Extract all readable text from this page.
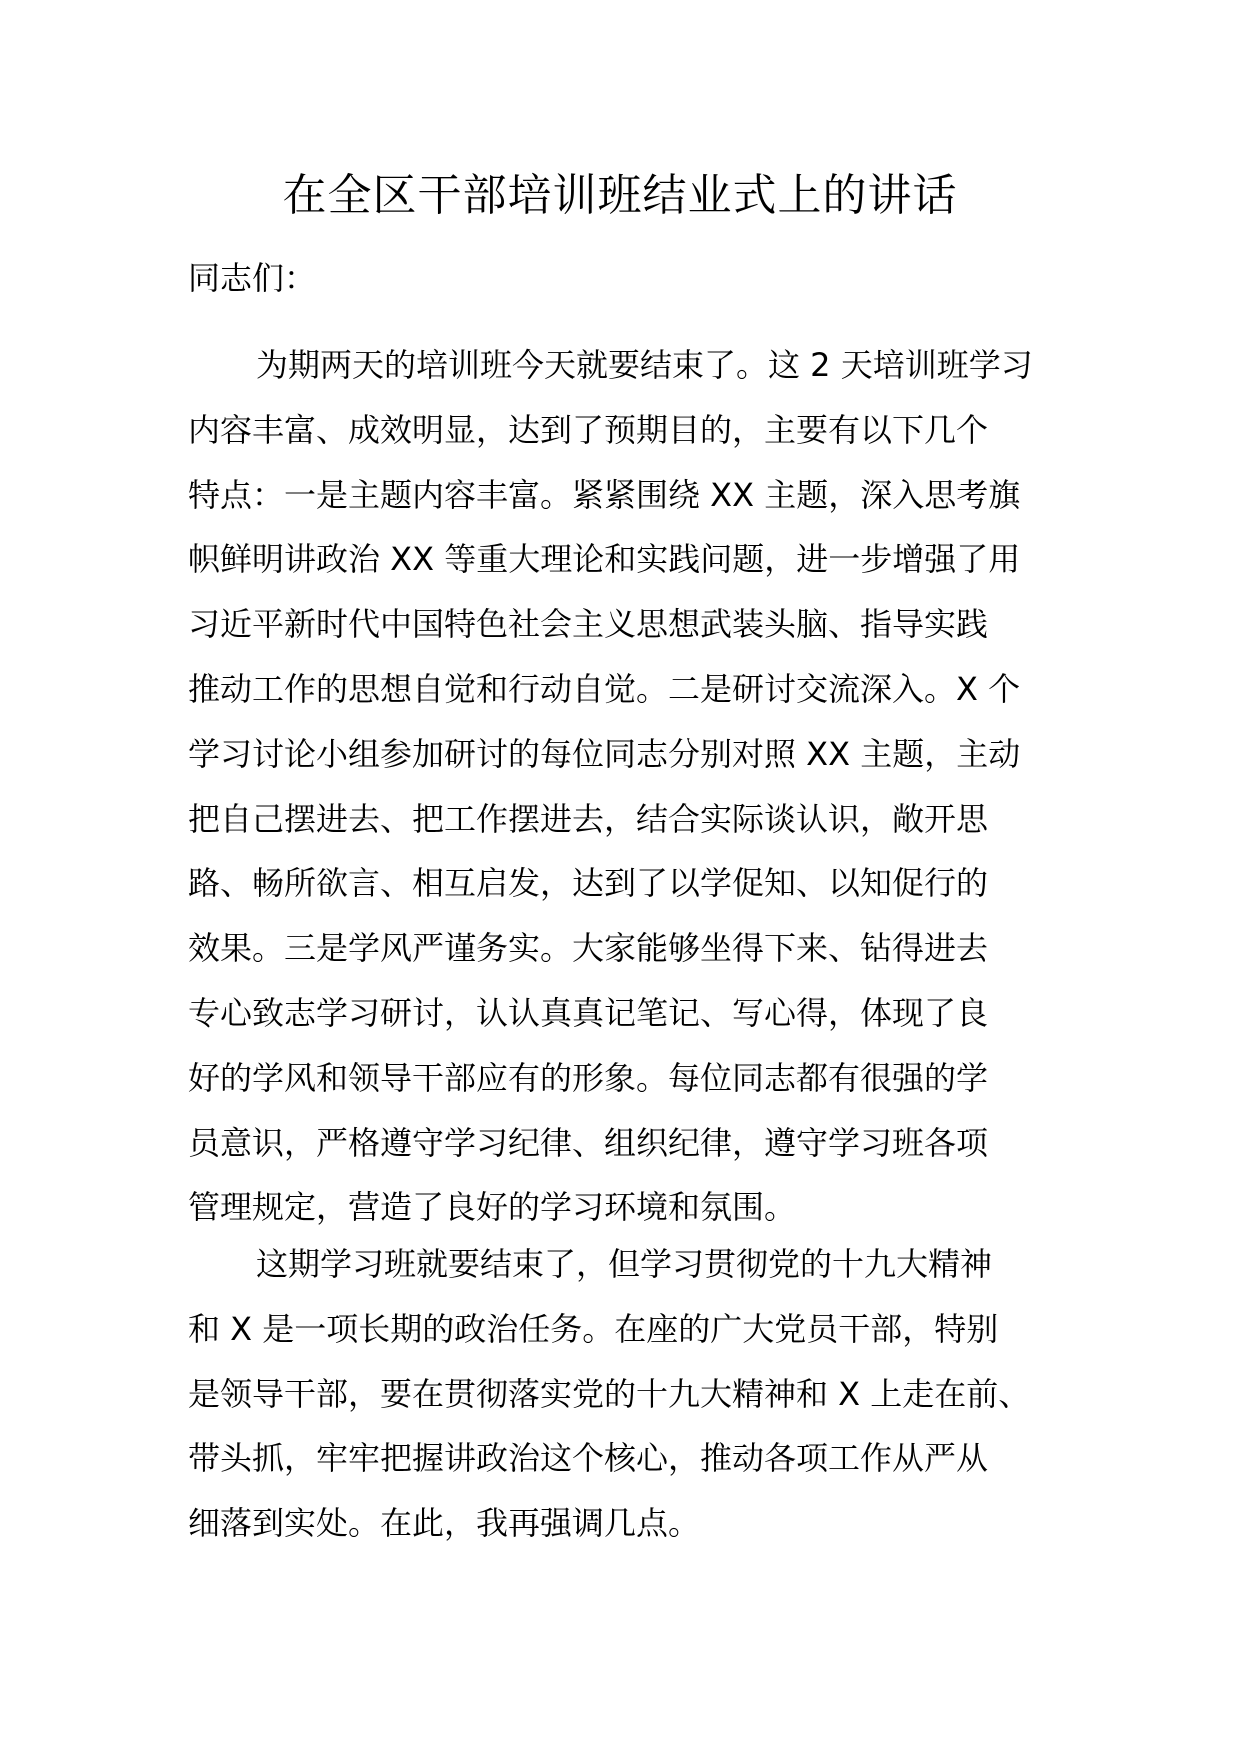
在全区干部培训班结业式上的讲话
同志们：
为期两天的培训班今天就要结束了。这 2 天培训班学习
内容丰富、成效明显，达到了预期目的，主要有以下几个
特点：一是主题内容丰富。紧紧围绕 XX 主题，深入思考旗
帜鲜明讲政治 XX 等重大理论和实践问题，进一步增强了用
习近平新时代中国特色社会主义思想武装头脑、指导实践
推动工作的思想自觉和行动自觉。二是研讨交流深入。X 个
学习讨论小组参加研讨的每位同志分别对照 XX 主题，主动
把自己摆进去、把工作摆进去，结合实际谈认识，敞开思
路、畅所欲言、相互启发，达到了以学促知、以知促行的
效果。三是学风严谨务实。大家能够坐得下来、钻得进去
专心致志学习研讨，认认真真记笔记、写心得，体现了良
好的学风和领导干部应有的形象。每位同志都有很强的学
员意识，严格遵守学习纪律、组织纪律，遵守学习班各项
管理规定，营造了良好的学习环境和氛围。
这期学习班就要结束了，但学习贯彻党的十九大精神
和 X 是一项长期的政治任务。在座的广大党员干部，特别
是领导干部，要在贯彻落实党的十九大精神和 X 上走在前、
带头抓，牢牢把握讲政治这个核心，推动各项工作从严从
细落到实处。在此，我再强调几点。
